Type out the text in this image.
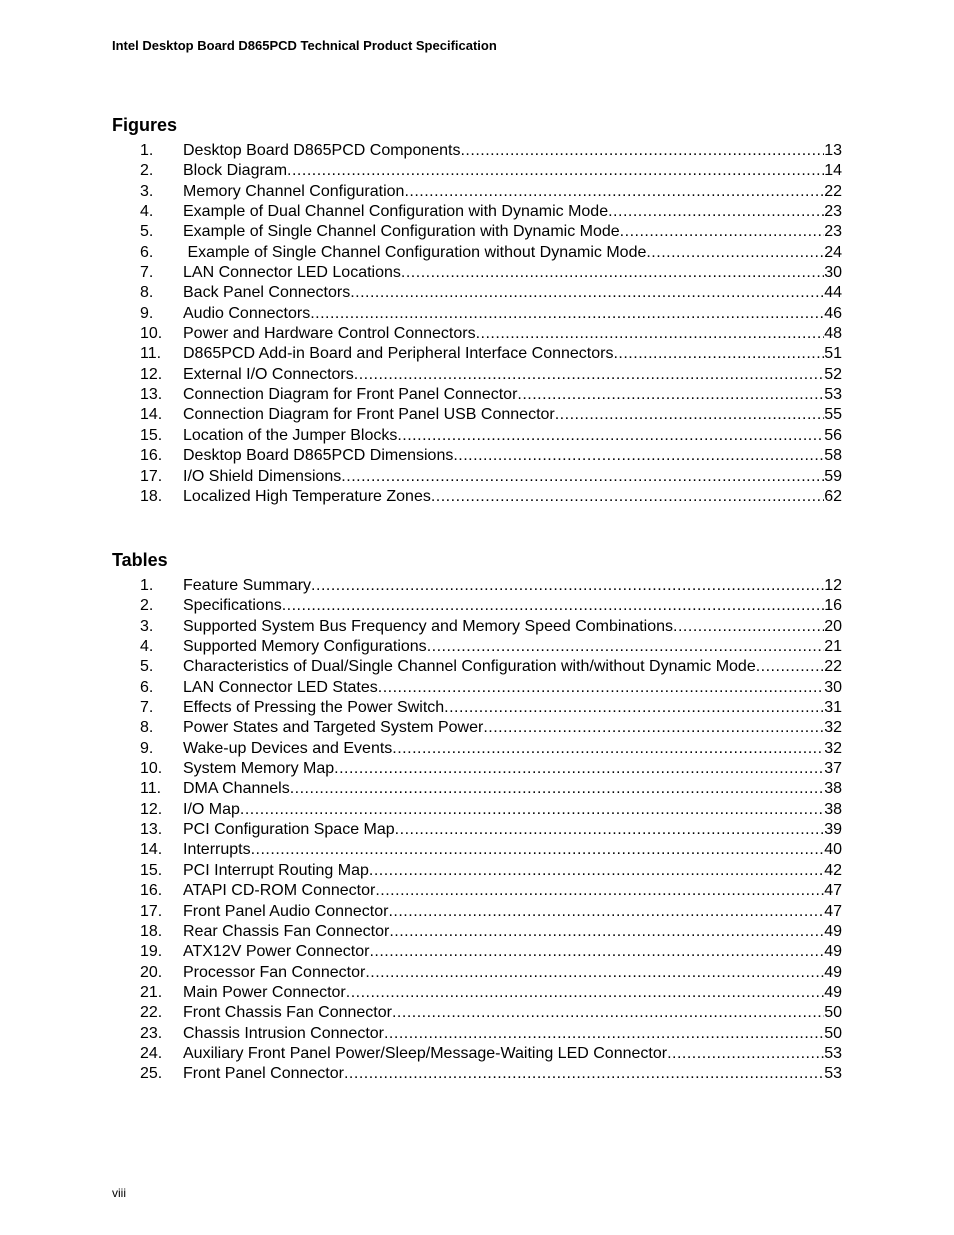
Intel Desktop Board D865PCD Technical Product Specification
Figures
1.	Desktop Board D865PCD Components .....	13
2.	Block Diagram .....	14
3.	Memory Channel Configuration .....	22
4.	Example of Dual Channel Configuration with Dynamic Mode .....	23
5.	Example of Single Channel Configuration with Dynamic Mode .....	23
6.	Example of Single Channel Configuration without Dynamic Mode .....	24
7.	LAN Connector LED Locations .....	30
8.	Back Panel Connectors .....	44
9.	Audio Connectors .....	46
10.	Power and Hardware Control Connectors .....	48
11.	D865PCD Add-in Board and Peripheral Interface Connectors .....	51
12.	External I/O Connectors .....	52
13.	Connection Diagram for Front Panel Connector .....	53
14.	Connection Diagram for Front Panel USB Connector .....	55
15.	Location of the Jumper Blocks .....	56
16.	Desktop Board D865PCD Dimensions .....	58
17.	I/O Shield Dimensions .....	59
18.	Localized High Temperature Zones .....	62
Tables
1.	Feature Summary .....	12
2.	Specifications .....	16
3.	Supported System Bus Frequency and Memory Speed Combinations .....	20
4.	Supported Memory Configurations .....	21
5.	Characteristics of Dual/Single Channel Configuration with/without Dynamic Mode .....	22
6.	LAN Connector LED States .....	30
7.	Effects of Pressing the Power Switch .....	31
8.	Power States and Targeted System Power .....	32
9.	Wake-up Devices and Events .....	32
10.	System Memory Map .....	37
11.	DMA Channels .....	38
12.	I/O Map .....	38
13.	PCI Configuration Space Map .....	39
14.	Interrupts .....	40
15.	PCI Interrupt Routing Map .....	42
16.	ATAPI CD-ROM Connector .....	47
17.	Front Panel Audio Connector .....	47
18.	Rear Chassis Fan Connector .....	49
19.	ATX12V Power Connector .....	49
20.	Processor Fan Connector .....	49
21.	Main Power Connector .....	49
22.	Front Chassis Fan Connector .....	50
23.	Chassis Intrusion Connector .....	50
24.	Auxiliary Front Panel Power/Sleep/Message-Waiting LED Connector .....	53
25.	Front Panel Connector .....	53
viii
